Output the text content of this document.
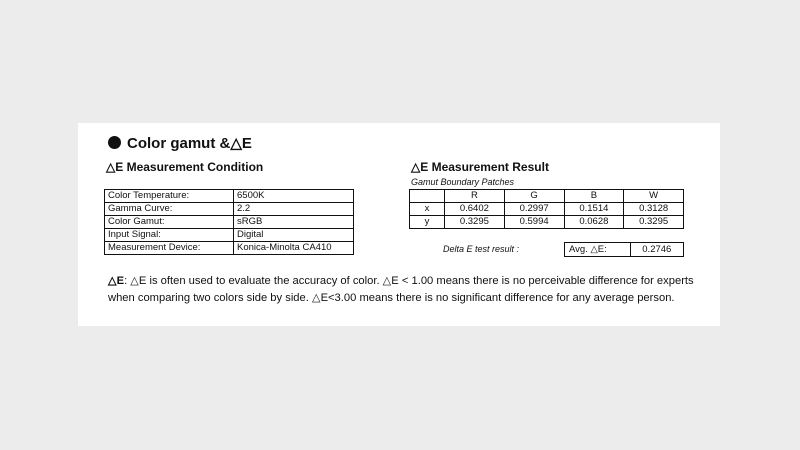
Color gamut &△E
△E Measurement Condition	△E Measurement Result
Gamut Boundary Patches
Color Temperature:	6500K
Gamma Curve:	2.2
Color Gamut:	sRGB
Input Signal:	Digital
Measurement Device:	Konica-Minolta CA410
	R	G	B	W
x	0.6402	0.2997	0.1514	0.3128
y	0.3295	0.5994	0.0628	0.3295
Delta E test result :	Avg. △E:	0.2746
△E: △E is often used to evaluate the accuracy of color. △E < 1.00 means there is no perceivable difference for experts when comparing two colors side by side. △E<3.00 means there is no significant difference for any average person.
